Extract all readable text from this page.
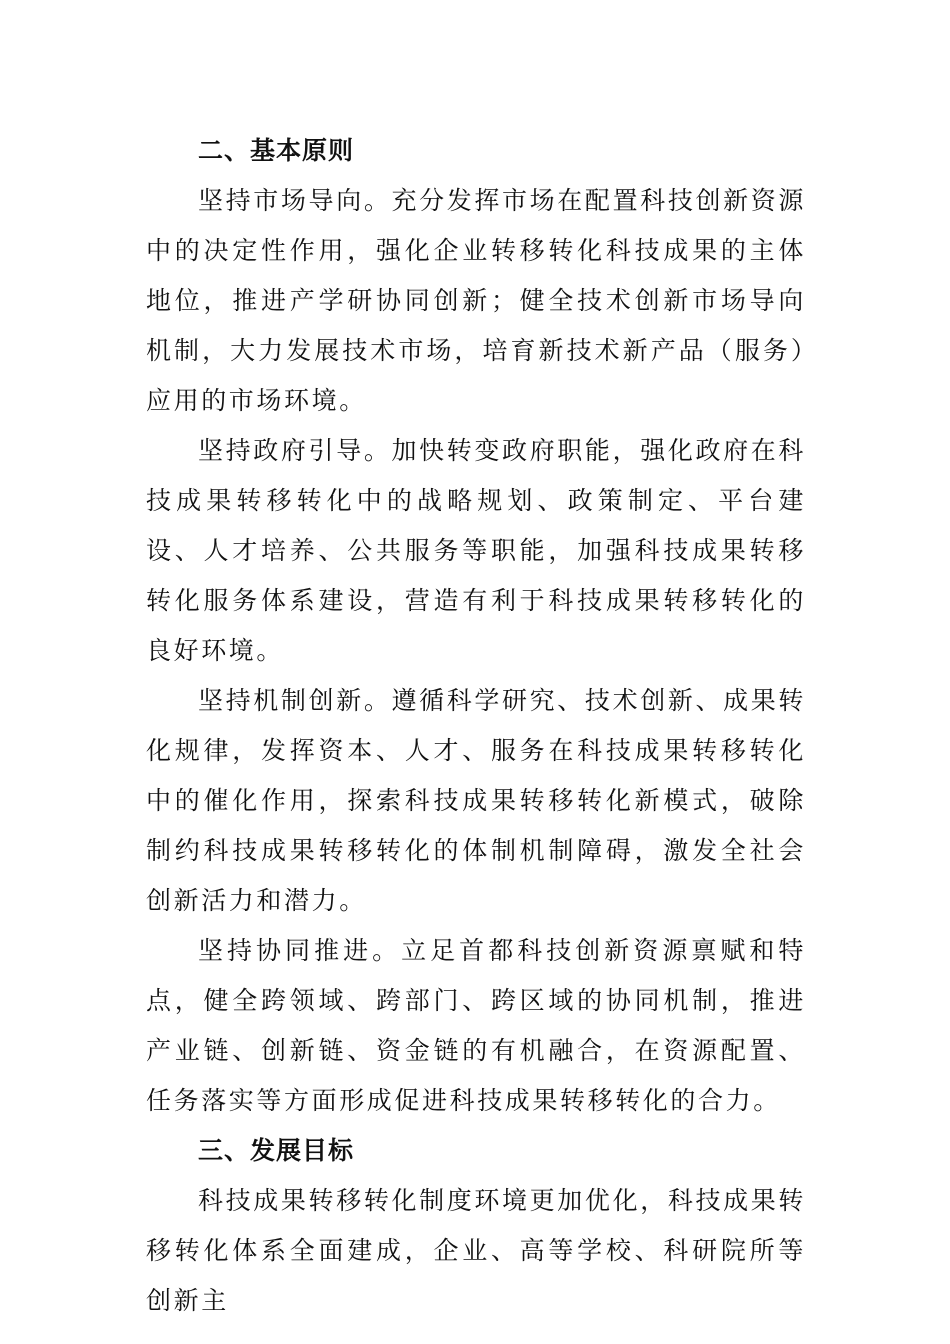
二、基本原则

坚持市场导向。充分发挥市场在配置科技创新资源中的决定性作用，强化企业转移转化科技成果的主体地位，推进产学研协同创新；健全技术创新市场导向机制，大力发展技术市场，培育新技术新产品（服务）应用的市场环境。

坚持政府引导。加快转变政府职能，强化政府在科技成果转移转化中的战略规划、政策制定、平台建设、人才培养、公共服务等职能，加强科技成果转移转化服务体系建设，营造有利于科技成果转移转化的良好环境。

坚持机制创新。遵循科学研究、技术创新、成果转化规律，发挥资本、人才、服务在科技成果转移转化中的催化作用，探索科技成果转移转化新模式，破除制约科技成果转移转化的体制机制障碍，激发全社会创新活力和潜力。

坚持协同推进。立足首都科技创新资源禀赋和特点，健全跨领域、跨部门、跨区域的协同机制，推进产业链、创新链、资金链的有机融合，在资源配置、任务落实等方面形成促进科技成果转移转化的合力。

三、发展目标

科技成果转移转化制度环境更加优化，科技成果转移转化体系全面建成，企业、高等学校、科研院所等创新主
